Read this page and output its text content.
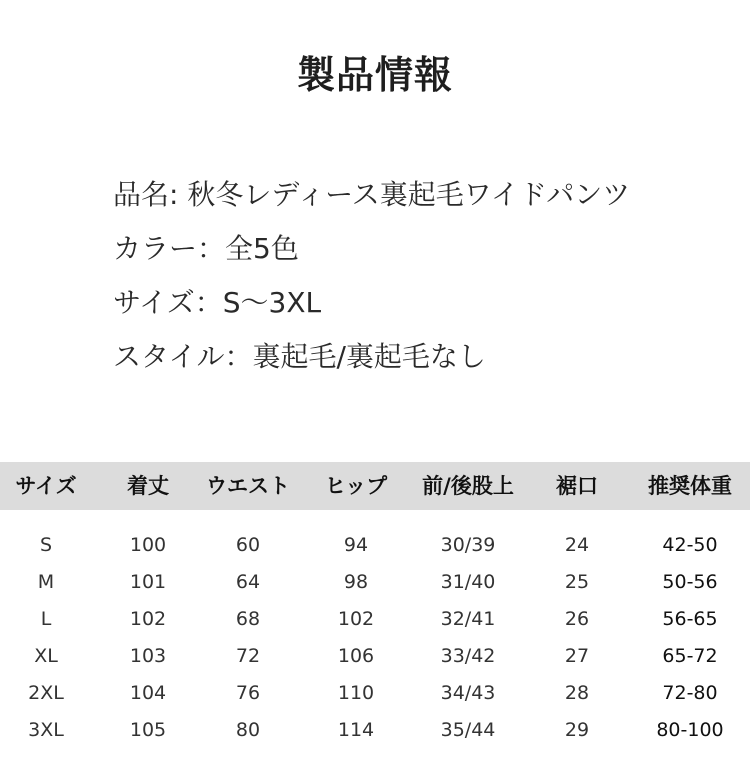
製品情報
品名: 秋冬レディース裏起毛ワイドパンツ
カラー：全5色
サイズ：S～3XL
スタイル：裏起毛/裏起毛なし
サイズ 着丈 ウエスト ヒップ 前/後股上 裾口 推奨体重
S	100	60	94	30/39	24	42-50
M	101	64	98	31/40	25	50-56
L	102	68	102	32/41	26	56-65
XL	103	72	106	33/42	27	65-72
2XL	104	76	110	34/43	28	72-80
3XL	105	80	114	35/44	29	80-100
